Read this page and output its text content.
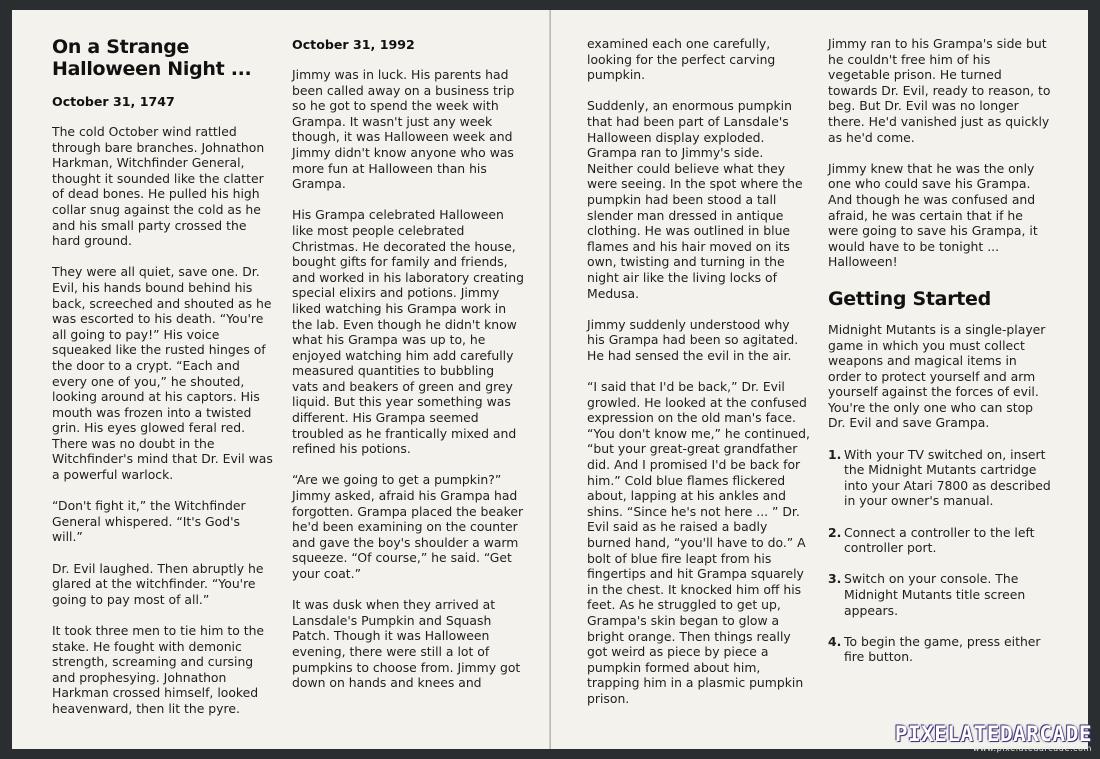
On a Strange Halloween Night ...
October 31, 1747

The cold October wind rattled through bare branches. Johnathon Harkman, Witchfinder General, thought it sounded like the clatter of dead bones. He pulled his high collar snug against the cold as he and his small party crossed the hard ground.

They were all quiet, save one. Dr. Evil, his hands bound behind his back, screeched and shouted as he was escorted to his death. “You're all going to pay!” His voice squeaked like the rusted hinges of the door to a crypt. “Each and every one of you,” he shouted, looking around at his captors. His mouth was frozen into a twisted grin. His eyes glowed feral red. There was no doubt in the Witchfinder's mind that Dr. Evil was a powerful warlock.

“Don't fight it,” the Witchfinder General whispered. “It's God's will.”

Dr. Evil laughed. Then abruptly he glared at the witchfinder. “You're going to pay most of all.”

It took three men to tie him to the stake. He fought with demonic strength, screaming and cursing and prophesying. Johnathon Harkman crossed himself, looked heavenward, then lit the pyre.

October 31, 1992

Jimmy was in luck. His parents had been called away on a business trip so he got to spend the week with Grampa. It wasn't just any week though, it was Halloween week and Jimmy didn't know anyone who was more fun at Halloween than his Grampa.

His Grampa celebrated Halloween like most people celebrated Christmas. He decorated the house, bought gifts for family and friends, and worked in his laboratory creating special elixirs and potions. Jimmy liked watching his Grampa work in the lab. Even though he didn't know what his Grampa was up to, he enjoyed watching him add carefully measured quantities to bubbling vats and beakers of green and grey liquid. But this year something was different. His Grampa seemed troubled as he frantically mixed and refined his potions.

“Are we going to get a pumpkin?” Jimmy asked, afraid his Grampa had forgotten. Grampa placed the beaker he'd been examining on the counter and gave the boy's shoulder a warm squeeze. “Of course,” he said. “Get your coat.”

It was dusk when they arrived at Lansdale's Pumpkin and Squash Patch. Though it was Halloween evening, there were still a lot of pumpkins to choose from. Jimmy got down on hands and knees and

examined each one carefully, looking for the perfect carving pumpkin.

Suddenly, an enormous pumpkin that had been part of Lansdale's Halloween display exploded. Grampa ran to Jimmy's side. Neither could believe what they were seeing. In the spot where the pumpkin had been stood a tall slender man dressed in antique clothing. He was outlined in blue flames and his hair moved on its own, twisting and turning in the night air like the living locks of Medusa.

Jimmy suddenly understood why his Grampa had been so agitated. He had sensed the evil in the air.

“I said that I'd be back,” Dr. Evil growled. He looked at the confused expression on the old man's face. “You don't know me,” he continued, “but your great-great grandfather did. And I promised I'd be back for him.” Cold blue flames flickered about, lapping at his ankles and shins. “Since he's not here ... ” Dr. Evil said as he raised a badly burned hand, “you'll have to do.” A bolt of blue fire leapt from his fingertips and hit Grampa squarely in the chest. It knocked him off his feet. As he struggled to get up, Grampa's skin began to glow a bright orange. Then things really got weird as piece by piece a pumpkin formed about him, trapping him in a plasmic pumpkin prison.

Jimmy ran to his Grampa's side but he couldn't free him of his vegetable prison. He turned towards Dr. Evil, ready to reason, to beg. But Dr. Evil was no longer there. He'd vanished just as quickly as he'd come.

Jimmy knew that he was the only one who could save his Grampa. And though he was confused and afraid, he was certain that if he were going to save his Grampa, it would have to be tonight ... Halloween!

Getting Started

Midnight Mutants is a single-player game in which you must collect weapons and magical items in order to protect yourself and arm yourself against the forces of evil. You're the only one who can stop Dr. Evil and save Grampa.

1. With your TV switched on, insert the Midnight Mutants cartridge into your Atari 7800 as described in your owner's manual.
2. Connect a controller to the left controller port.
3. Switch on your console. The Midnight Mutants title screen appears.
4. To begin the game, press either fire button.
PIXELATEDARCADE
www.pixelatedarcade.com
